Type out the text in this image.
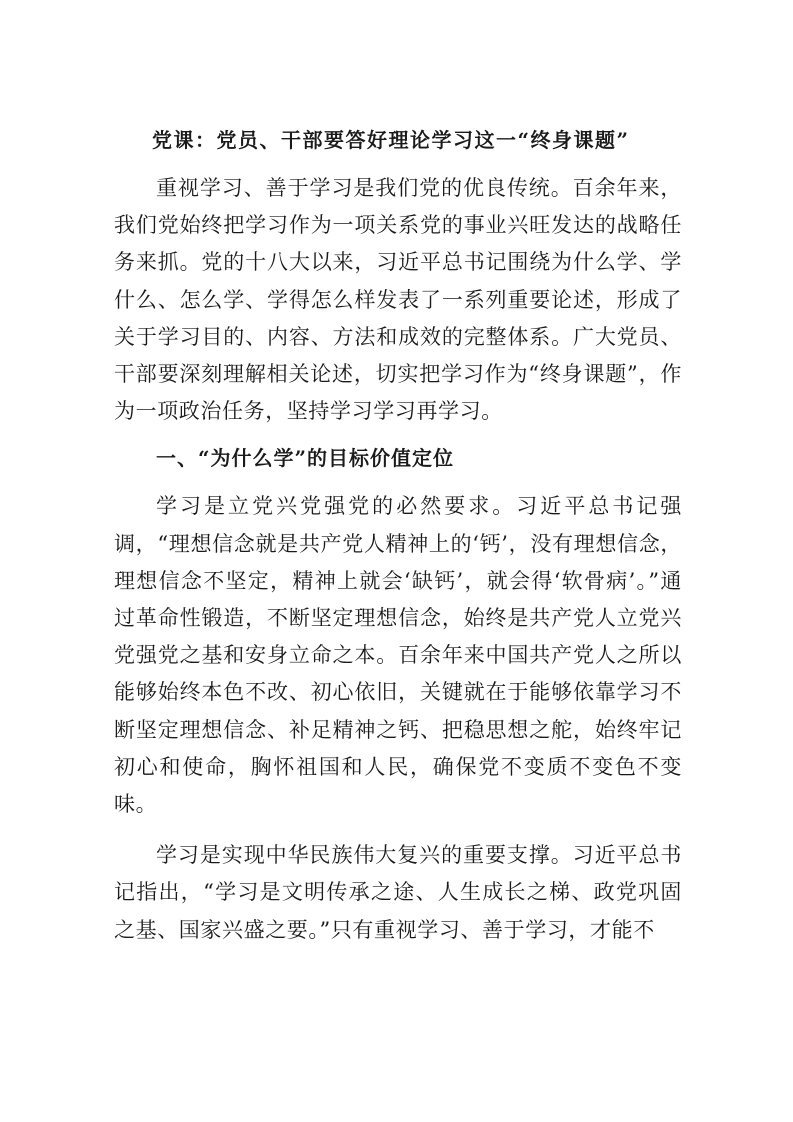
党课：党员、干部要答好理论学习这一“终身课题”

重视学习、善于学习是我们党的优良传统。百余年来，我们党始终把学习作为一项关系党的事业兴旺发达的战略任务来抓。党的十八大以来，习近平总书记围绕为什么学、学什么、怎么学、学得怎么样发表了一系列重要论述，形成了关于学习目的、内容、方法和成效的完整体系。广大党员、干部要深刻理解相关论述，切实把学习作为“终身课题”，作为一项政治任务，坚持学习学习再学习。

一、“为什么学”的目标价值定位

学习是立党兴党强党的必然要求。习近平总书记强调，“理想信念就是共产党人精神上的‘钙’，没有理想信念，理想信念不坚定，精神上就会‘缺钙’，就会得‘软骨病’。”通过革命性锻造，不断坚定理想信念，始终是共产党人立党兴党强党之基和安身立命之本。百余年来中国共产党人之所以能够始终本色不改、初心依旧，关键就在于能够依靠学习不断坚定理想信念、补足精神之钙、把稳思想之舵，始终牢记初心和使命，胸怀祖国和人民，确保党不变质不变色不变味。

学习是实现中华民族伟大复兴的重要支撑。习近平总书记指出，“学习是文明传承之途、人生成长之梯、政党巩固之基、国家兴盛之要。”只有重视学习、善于学习，才能不
